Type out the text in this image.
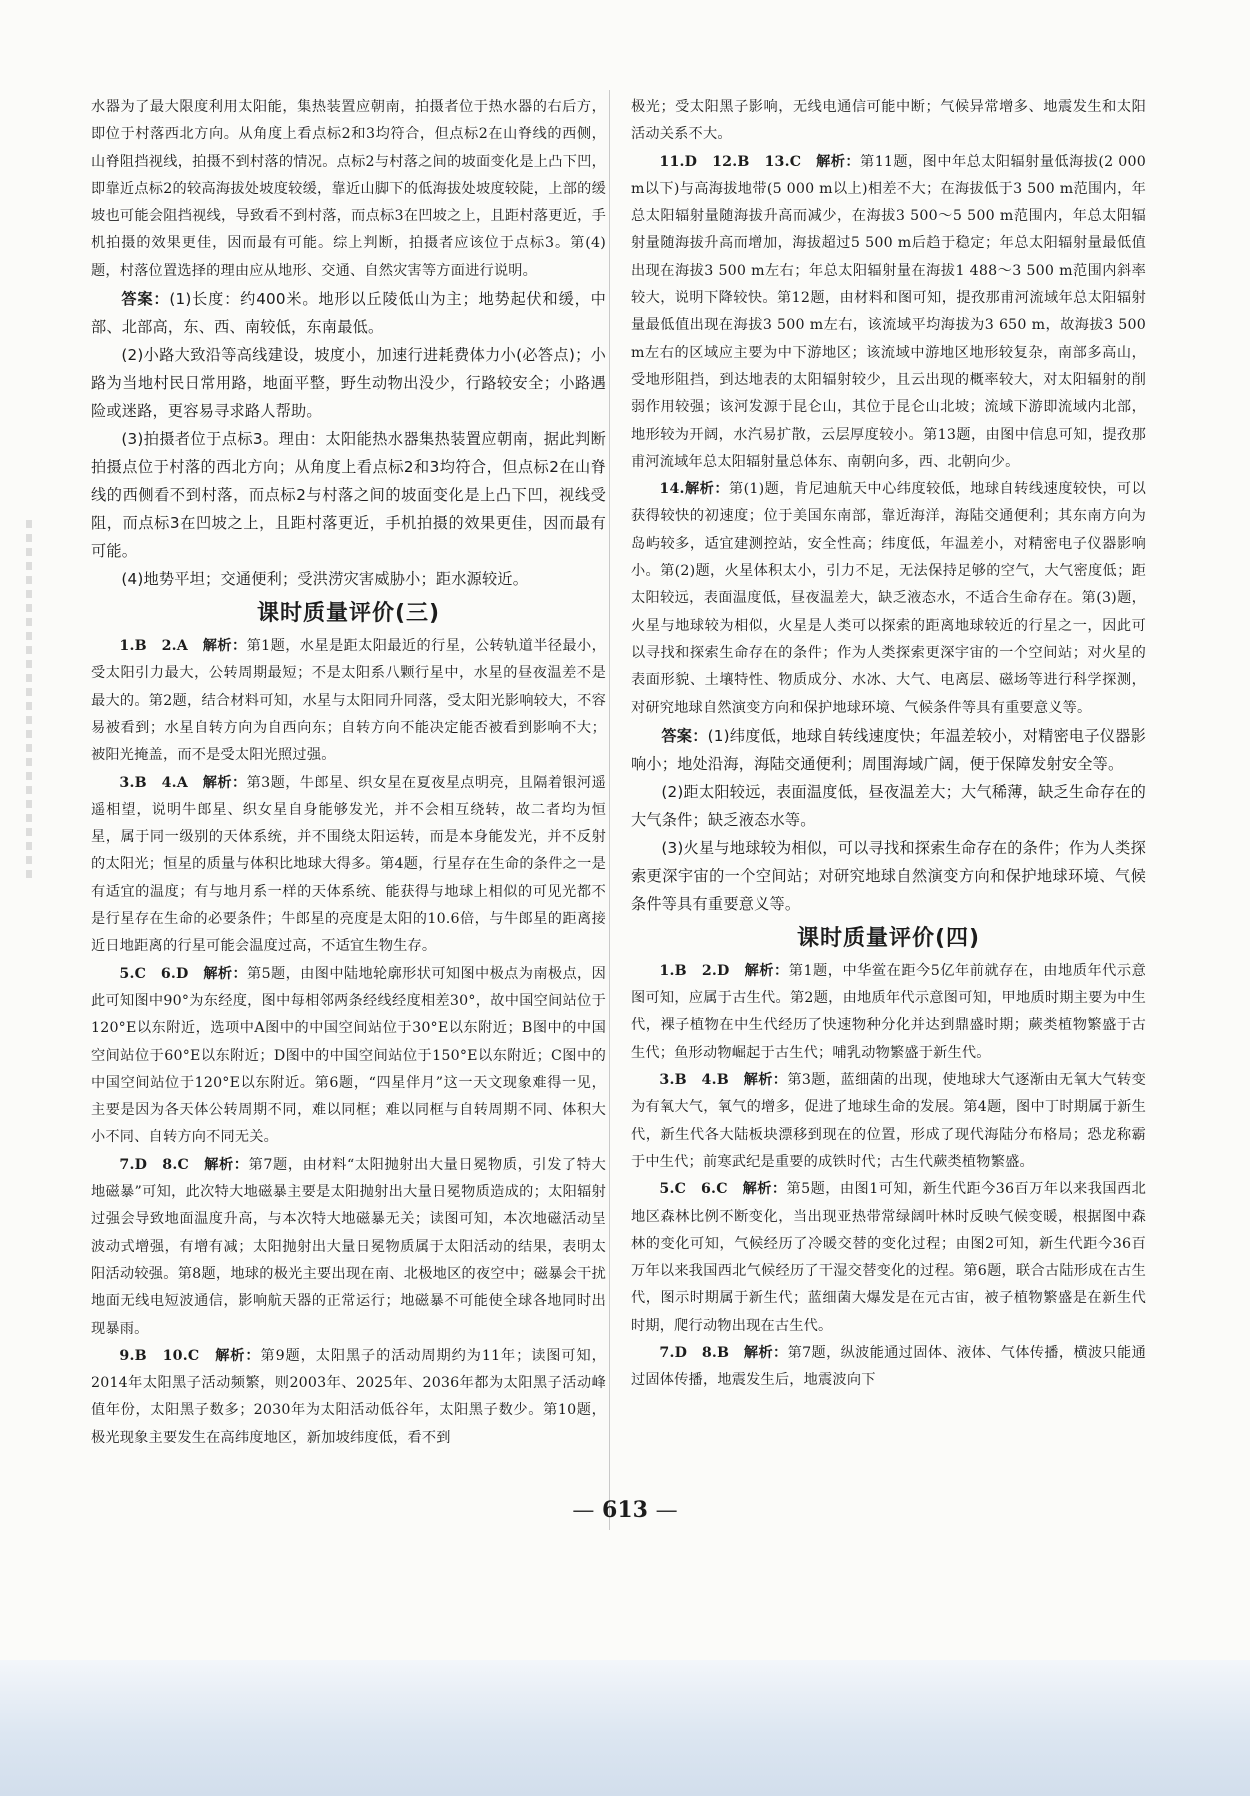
水器为了最大限度利用太阳能，集热装置应朝南，拍摄者位于热水器的右后方，即位于村落西北方向。从角度上看点标2和3均符合，但点标2在山脊线的西侧，山脊阻挡视线，拍摄不到村落的情况。点标2与村落之间的坡面变化是上凸下凹，即靠近点标2的较高海拔处坡度较缓，靠近山脚下的低海拔处坡度较陡，上部的缓坡也可能会阻挡视线，导致看不到村落，而点标3在凹坡之上，且距村落更近，手机拍摄的效果更佳，因而最有可能。综上判断，拍摄者应该位于点标3。第(4)题，村落位置选择的理由应从地形、交通、自然灾害等方面进行说明。

答案：(1)长度：约400米。地形以丘陵低山为主；地势起伏和缓，中部、北部高，东、西、南较低，东南最低。

(2)小路大致沿等高线建设，坡度小，加速行进耗费体力小(必答点)；小路为当地村民日常用路，地面平整，野生动物出没少，行路较安全；小路遇险或迷路，更容易寻求路人帮助。

(3)拍摄者位于点标3。理由：太阳能热水器集热装置应朝南，据此判断拍摄点位于村落的西北方向；从角度上看点标2和3均符合，但点标2在山脊线的西侧看不到村落，而点标2与村落之间的坡面变化是上凸下凹，视线受阻，而点标3在凹坡之上，且距村落更近，手机拍摄的效果更佳，因而最有可能。

(4)地势平坦；交通便利；受洪涝灾害威胁小；距水源较近。

课时质量评价(三)

1.B　2.A　解析：第1题，水星是距太阳最近的行星，公转轨道半径最小，受太阳引力最大，公转周期最短；不是太阳系八颗行星中，水星的昼夜温差不是最大的。第2题，结合材料可知，水星与太阳同升同落，受太阳光影响较大，不容易被看到；水星自转方向为自西向东；自转方向不能决定能否被看到影响不大；被阳光掩盖，而不是受太阳光照过强。

3.B　4.A　解析：第3题，牛郎星、织女星在夏夜星点明亮，且隔着银河遥遥相望，说明牛郎星、织女星自身能够发光，并不会相互绕转，故二者均为恒星，属于同一级别的天体系统，并不围绕太阳运转，而是本身能发光，并不反射的太阳光；恒星的质量与体积比地球大得多。第4题，行星存在生命的条件之一是有适宜的温度；有与地月系一样的天体系统、能获得与地球上相似的可见光都不是行星存在生命的必要条件；牛郎星的亮度是太阳的10.6倍，与牛郎星的距离接近日地距离的行星可能会温度过高，不适宜生物生存。

5.C　6.D　解析：第5题，由图中陆地轮廓形状可知图中极点为南极点，因此可知图中90°为东经度，图中每相邻两条经线经度相差30°，故中国空间站位于120°E以东附近，选项中A图中的中国空间站位于30°E以东附近；B图中的中国空间站位于60°E以东附近；D图中的中国空间站位于150°E以东附近；C图中的中国空间站位于120°E以东附近。第6题，“四星伴月”这一天文现象难得一见，主要是因为各天体公转周期不同，难以同框；难以同框与自转周期不同、体积大小不同、自转方向不同无关。

7.D　8.C　解析：第7题，由材料“太阳抛射出大量日冕物质，引发了特大地磁暴”可知，此次特大地磁暴主要是太阳抛射出大量日冕物质造成的；太阳辐射过强会导致地面温度升高，与本次特大地磁暴无关；读图可知，本次地磁活动呈波动式增强，有增有减；太阳抛射出大量日冕物质属于太阳活动的结果，表明太阳活动较强。第8题，地球的极光主要出现在南、北极地区的夜空中；磁暴会干扰地面无线电短波通信，影响航天器的正常运行；地磁暴不可能使全球各地同时出现暴雨。

9.B　10.C　解析：第9题，太阳黑子的活动周期约为11年；读图可知，2014年太阳黑子活动频繁，则2003年、2025年、2036年都为太阳黑子活动峰值年份，太阳黑子数多；2030年为太阳活动低谷年，太阳黑子数少。第10题，极光现象主要发生在高纬度地区，新加坡纬度低，看不到

极光；受太阳黑子影响，无线电通信可能中断；气候异常增多、地震发生和太阳活动关系不大。

11.D　12.B　13.C　解析：第11题，图中年总太阳辐射量低海拔(2 000 m以下)与高海拔地带(5 000 m以上)相差不大；在海拔低于3 500 m范围内，年总太阳辐射量随海拔升高而减少，在海拔3 500～5 500 m范围内，年总太阳辐射量随海拔升高而增加，海拔超过5 500 m后趋于稳定；年总太阳辐射量最低值出现在海拔3 500 m左右；年总太阳辐射量在海拔1 488～3 500 m范围内斜率较大，说明下降较快。第12题，由材料和图可知，提孜那甫河流域年总太阳辐射量最低值出现在海拔3 500 m左右，该流域平均海拔为3 650 m，故海拔3 500 m左右的区域应主要为中下游地区；该流域中游地区地形较复杂，南部多高山，受地形阻挡，到达地表的太阳辐射较少，且云出现的概率较大，对太阳辐射的削弱作用较强；该河发源于昆仑山，其位于昆仑山北坡；流域下游即流域内北部，地形较为开阔，水汽易扩散，云层厚度较小。第13题，由图中信息可知，提孜那甫河流域年总太阳辐射量总体东、南朝向多，西、北朝向少。

14.解析：第(1)题，肯尼迪航天中心纬度较低，地球自转线速度较快，可以获得较快的初速度；位于美国东南部，靠近海洋，海陆交通便利；其东南方向为岛屿较多，适宜建测控站，安全性高；纬度低，年温差小，对精密电子仪器影响小。第(2)题，火星体积太小，引力不足，无法保持足够的空气，大气密度低；距太阳较远，表面温度低，昼夜温差大，缺乏液态水，不适合生命存在。第(3)题，火星与地球较为相似，火星是人类可以探索的距离地球较近的行星之一，因此可以寻找和探索生命存在的条件；作为人类探索更深宇宙的一个空间站；对火星的表面形貌、土壤特性、物质成分、水冰、大气、电离层、磁场等进行科学探测，对研究地球自然演变方向和保护地球环境、气候条件等具有重要意义等。

答案：(1)纬度低，地球自转线速度快；年温差较小，对精密电子仪器影响小；地处沿海，海陆交通便利；周围海域广阔，便于保障发射安全等。

(2)距太阳较远，表面温度低，昼夜温差大；大气稀薄，缺乏生命存在的大气条件；缺乏液态水等。

(3)火星与地球较为相似，可以寻找和探索生命存在的条件；作为人类探索更深宇宙的一个空间站；对研究地球自然演变方向和保护地球环境、气候条件等具有重要意义等。

课时质量评价(四)

1.B　2.D　解析：第1题，中华鲎在距今5亿年前就存在，由地质年代示意图可知，应属于古生代。第2题，由地质年代示意图可知，甲地质时期主要为中生代，裸子植物在中生代经历了快速物种分化并达到鼎盛时期；蕨类植物繁盛于古生代；鱼形动物崛起于古生代；哺乳动物繁盛于新生代。

3.B　4.B　解析：第3题，蓝细菌的出现，使地球大气逐渐由无氧大气转变为有氧大气，氧气的增多，促进了地球生命的发展。第4题，图中丁时期属于新生代，新生代各大陆板块漂移到现在的位置，形成了现代海陆分布格局；恐龙称霸于中生代；前寒武纪是重要的成铁时代；古生代蕨类植物繁盛。

5.C　6.C　解析：第5题，由图1可知，新生代距今36百万年以来我国西北地区森林比例不断变化，当出现亚热带常绿阔叶林时反映气候变暖，根据图中森林的变化可知，气候经历了冷暖交替的变化过程；由图2可知，新生代距今36百万年以来我国西北气候经历了干湿交替变化的过程。第6题，联合古陆形成在古生代，图示时期属于新生代；蓝细菌大爆发是在元古宙，被子植物繁盛是在新生代时期，爬行动物出现在古生代。

7.D　8.B　解析：第7题，纵波能通过固体、液体、气体传播，横波只能通过固体传播，地震发生后，地震波向下

— 613 —
